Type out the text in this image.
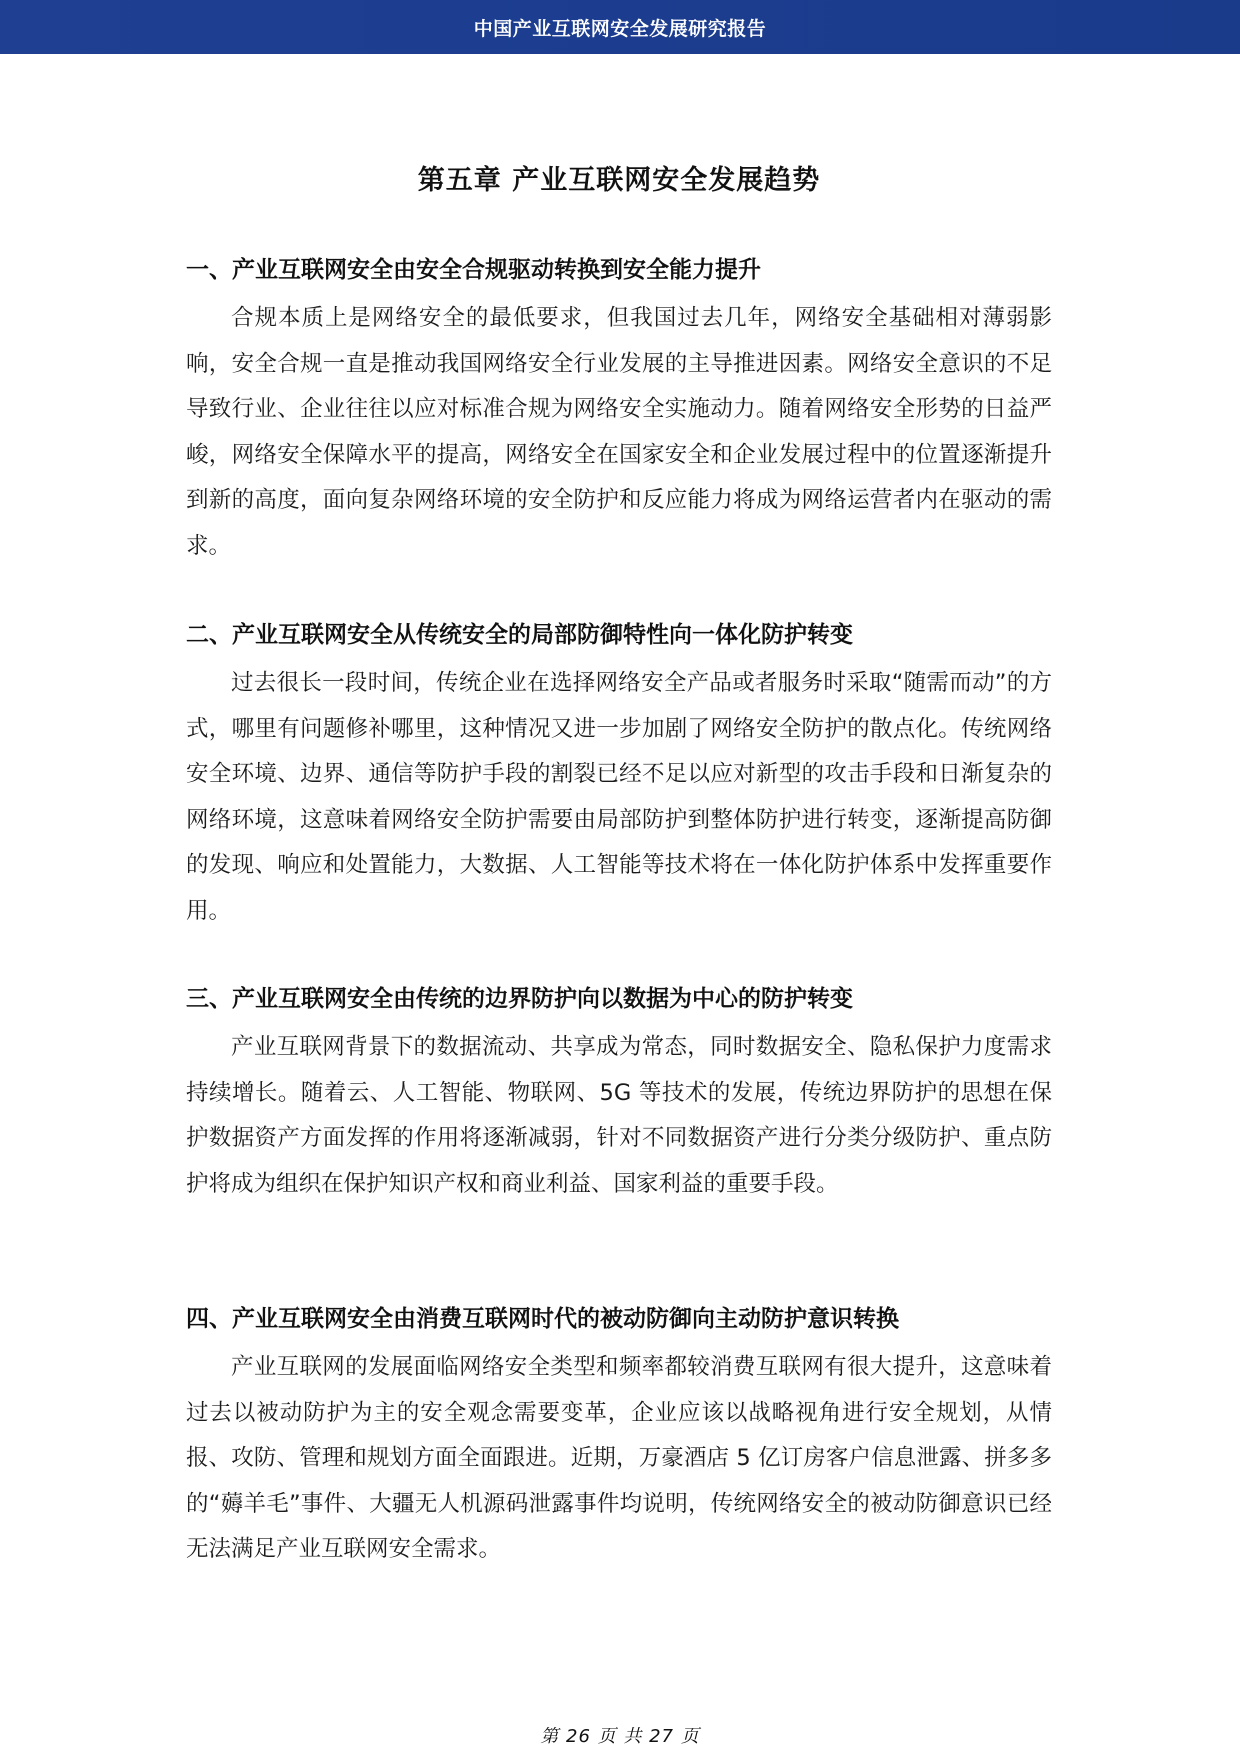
中国产业互联网安全发展研究报告
第五章 产业互联网安全发展趋势
一、产业互联网安全由安全合规驱动转换到安全能力提升

合规本质上是网络安全的最低要求，但我国过去几年，网络安全基础相对薄弱影响，安全合规一直是推动我国网络安全行业发展的主导推进因素。网络安全意识的不足导致行业、企业往往以应对标准合规为网络安全实施动力。随着网络安全形势的日益严峻，网络安全保障水平的提高，网络安全在国家安全和企业发展过程中的位置逐渐提升到新的高度，面向复杂网络环境的安全防护和反应能力将成为网络运营者内在驱动的需求。

二、产业互联网安全从传统安全的局部防御特性向一体化防护转变

过去很长一段时间，传统企业在选择网络安全产品或者服务时采取“随需而动”的方式，哪里有问题修补哪里，这种情况又进一步加剧了网络安全防护的散点化。传统网络安全环境、边界、通信等防护手段的割裂已经不足以应对新型的攻击手段和日渐复杂的网络环境，这意味着网络安全防护需要由局部防护到整体防护进行转变，逐渐提高防御的发现、响应和处置能力，大数据、人工智能等技术将在一体化防护体系中发挥重要作用。

三、产业互联网安全由传统的边界防护向以数据为中心的防护转变

产业互联网背景下的数据流动、共享成为常态，同时数据安全、隐私保护力度需求持续增长。随着云、人工智能、物联网、5G 等技术的发展，传统边界防护的思想在保护数据资产方面发挥的作用将逐渐减弱，针对不同数据资产进行分类分级防护、重点防护将成为组织在保护知识产权和商业利益、国家利益的重要手段。

四、产业互联网安全由消费互联网时代的被动防御向主动防护意识转换

产业互联网的发展面临网络安全类型和频率都较消费互联网有很大提升，这意味着过去以被动防护为主的安全观念需要变革，企业应该以战略视角进行安全规划，从情报、攻防、管理和规划方面全面跟进。近期，万豪酒店 5 亿订房客户信息泄露、拼多多的“薅羊毛”事件、大疆无人机源码泄露事件均说明，传统网络安全的被动防御意识已经无法满足产业互联网安全需求。

第 26 页 共 27 页
